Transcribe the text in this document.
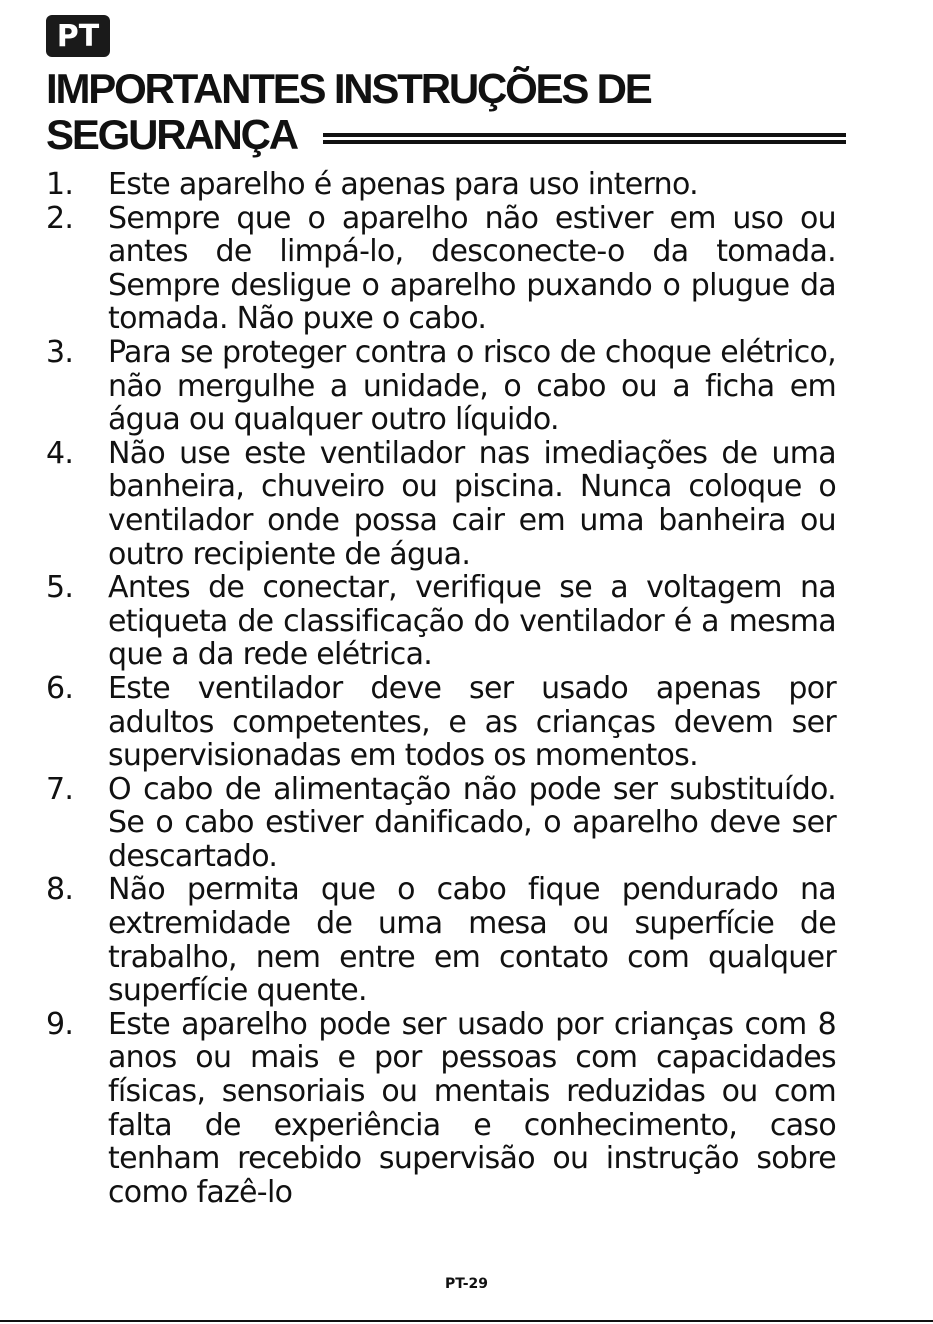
PT
IMPORTANTES INSTRUÇÕES DE
SEGURANÇA
1.	Este aparelho é apenas para uso interno.
2.	Sempre que o aparelho não estiver em uso ou antes de limpá-lo, desconecte-o da tomada. Sempre desligue o aparelho puxando o plugue da tomada. Não puxe o cabo.
3.	Para se proteger contra o risco de choque elétrico, não mergulhe a unidade, o cabo ou a ficha em água ou qualquer outro líquido.
4.	Não use este ventilador nas imediações de uma banheira, chuveiro ou piscina. Nunca coloque o ventilador onde possa cair em uma banheira ou outro recipiente de água.
5.	Antes de conectar, verifique se a voltagem na etiqueta de classificação do ventilador é a mesma que a da rede elétrica.
6.	Este ventilador deve ser usado apenas por adultos competentes, e as crianças devem ser supervisionadas em todos os momentos.
7.	O cabo de alimentação não pode ser substituído. Se o cabo estiver danificado, o aparelho deve ser descartado.
8.	Não permita que o cabo fique pendurado na extremidade de uma mesa ou superfície de trabalho, nem entre em contato com qualquer superfície quente.
9.	Este aparelho pode ser usado por crianças com 8 anos ou mais e por pessoas com capacidades físicas, sensoriais ou mentais reduzidas ou com falta de experiência e conhecimento, caso tenham recebido supervisão ou instrução sobre como fazê-lo
PT-29
